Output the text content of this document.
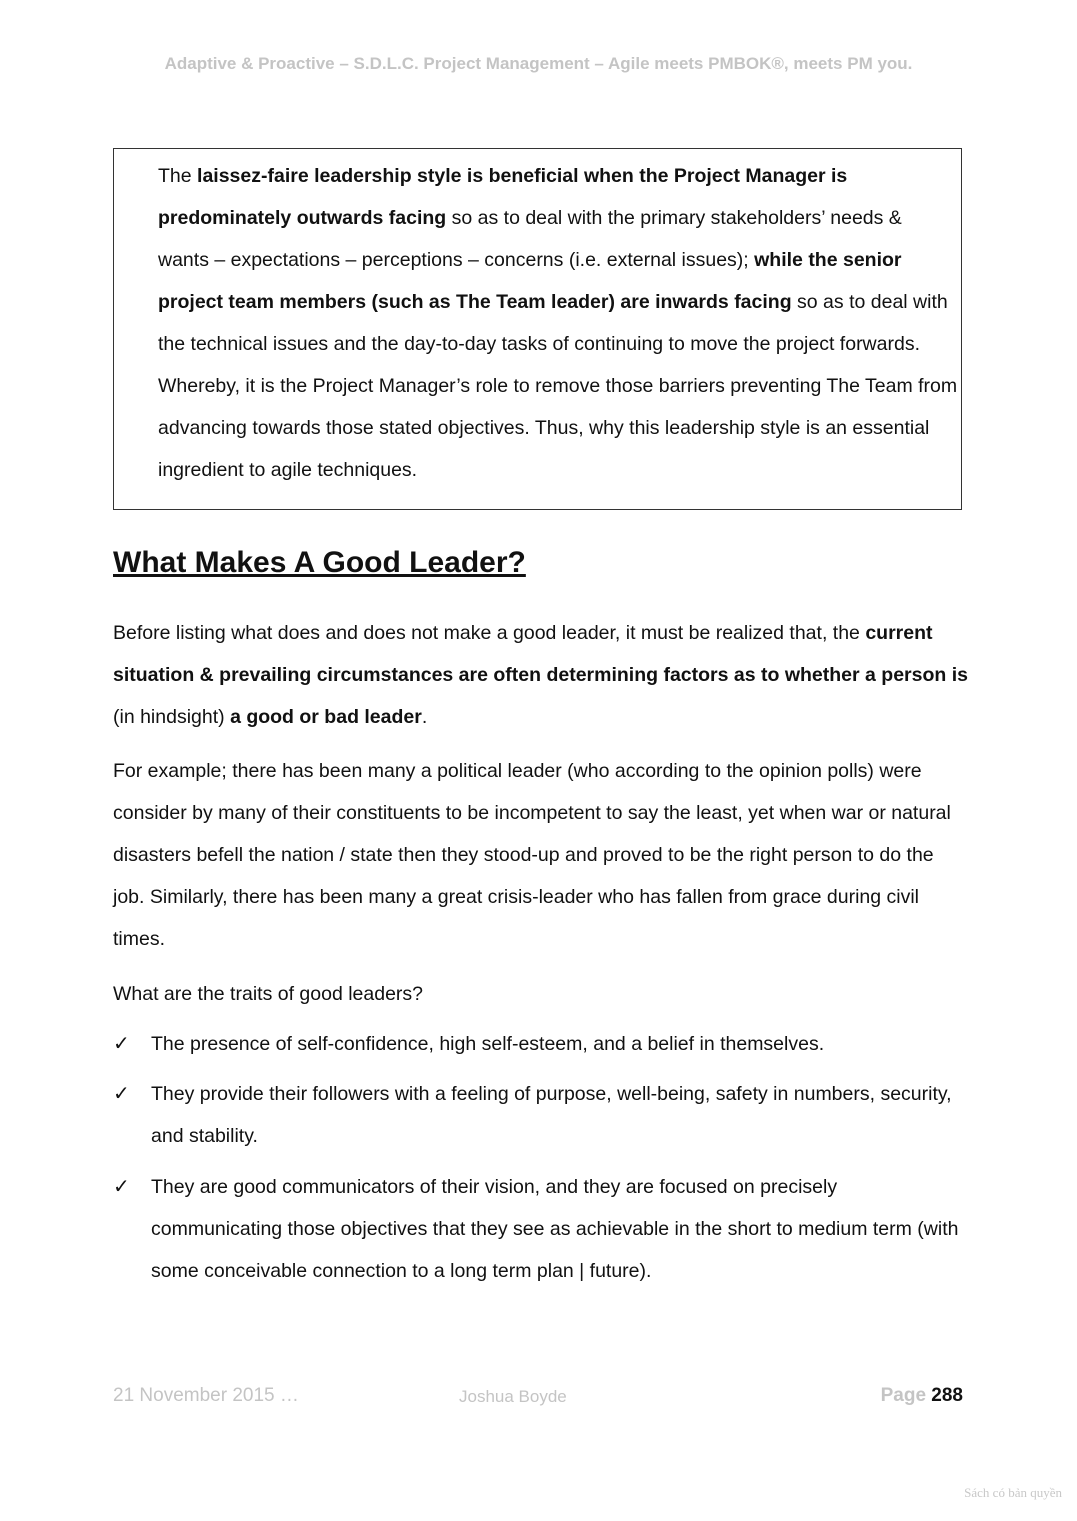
Adaptive & Proactive – S.D.L.C. Project Management – Agile meets PMBOK®, meets PM you.

The laissez-faire leadership style is beneficial when the Project Manager is predominately outwards facing so as to deal with the primary stakeholders’ needs & wants – expectations – perceptions – concerns (i.e. external issues); while the senior project team members (such as The Team leader) are inwards facing so as to deal with the technical issues and the day-to-day tasks of continuing to move the project forwards. Whereby, it is the Project Manager’s role to remove those barriers preventing The Team from advancing towards those stated objectives. Thus, why this leadership style is an essential ingredient to agile techniques.

What Makes A Good Leader?

Before listing what does and does not make a good leader, it must be realized that, the current situation & prevailing circumstances are often determining factors as to whether a person is (in hindsight) a good or bad leader.

For example; there has been many a political leader (who according to the opinion polls) were consider by many of their constituents to be incompetent to say the least, yet when war or natural disasters befell the nation / state then they stood-up and proved to be the right person to do the job. Similarly, there has been many a great crisis-leader who has fallen from grace during civil times.

What are the traits of good leaders?

✓	The presence of self-confidence, high self-esteem, and a belief in themselves.

✓	They provide their followers with a feeling of purpose, well-being, safety in numbers, security, and stability.

✓	They are good communicators of their vision, and they are focused on precisely communicating those objectives that they see as achievable in the short to medium term (with some conceivable connection to a long term plan | future).

21 November 2015 …	Joshua Boyde	Page 288
Sách có bản quyền
